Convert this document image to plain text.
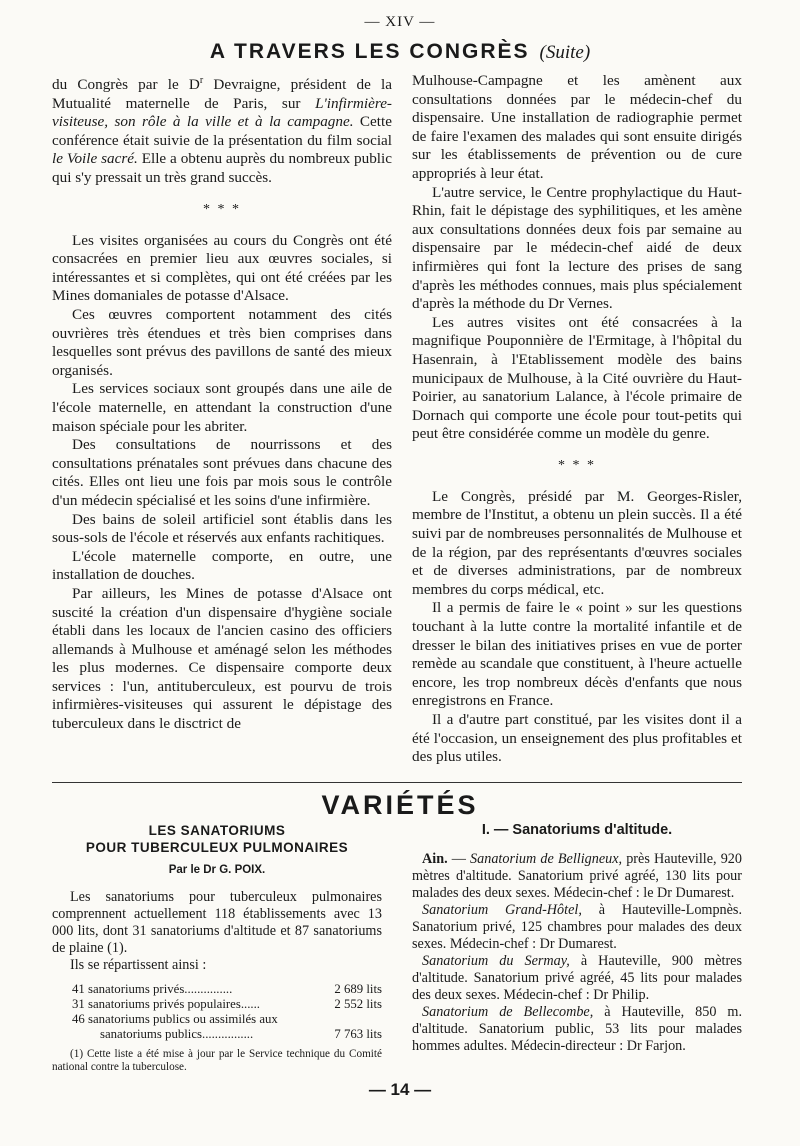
— XIV —
A TRAVERS LES CONGRÈS (Suite)

du Congrès par le $D^r$ Devraigne, président de la Mutualité maternelle de Paris, sur L'infirmière-visiteuse, son rôle à la ville et à la campagne. Cette conférence était suivie de la présentation du film social le Voile sacré. Elle a obtenu auprès du nombreux public qui s'y pressait un très grand succès.

* * *

Les visites organisées au cours du Congrès ont été consacrées en premier lieu aux œuvres sociales, si intéressantes et si complètes, qui ont été créées par les Mines domaniales de potasse d'Alsace.

Ces œuvres comportent notamment des cités ouvrières très étendues et très bien comprises dans lesquelles sont prévus des pavillons de santé des mieux organisés.

Les services sociaux sont groupés dans une aile de l'école maternelle, en attendant la construction d'une maison spéciale pour les abriter.

Des consultations de nourrissons et des consultations prénatales sont prévues dans chacune des cités. Elles ont lieu une fois par mois sous le contrôle d'un médecin spécialisé et les soins d'une infirmière.

Des bains de soleil artificiel sont établis dans les sous-sols de l'école et réservés aux enfants rachitiques.

L'école maternelle comporte, en outre, une installation de douches.

Par ailleurs, les Mines de potasse d'Alsace ont suscité la création d'un dispensaire d'hygiène sociale établi dans les locaux de l'ancien casino des officiers allemands à Mulhouse et aménagé selon les méthodes les plus modernes. Ce dispensaire comporte deux services : l'un, antituberculeux, est pourvu de trois infirmières-visiteuses qui assurent le dépistage des tuberculeux dans le disctrict de

Mulhouse-Campagne et les amènent aux consultations données par le médecin-chef du dispensaire. Une installation de radiographie permet de faire l'examen des malades qui sont ensuite dirigés sur les établissements de prévention ou de cure appropriés à leur état.

L'autre service, le Centre prophylactique du Haut-Rhin, fait le dépistage des syphilitiques, et les amène aux consultations données deux fois par semaine au dispensaire par le médecin-chef aidé de deux infirmières qui font la lecture des prises de sang d'après les méthodes connues, mais plus spécialement d'après la méthode du Dr Vernes.

Les autres visites ont été consacrées à la magnifique Pouponnière de l'Ermitage, à l'hôpital du Hasenrain, à l'Etablissement modèle des bains municipaux de Mulhouse, à la Cité ouvrière du Haut-Poirier, au sanatorium Lalance, à l'école primaire de Dornach qui comporte une école pour tout-petits qui peut être considérée comme un modèle du genre.

* * *

Le Congrès, présidé par M. Georges-Risler, membre de l'Institut, a obtenu un plein succès. Il a été suivi par de nombreuses personnalités de Mulhouse et de la région, par des représentants d'œuvres sociales et de diverses administrations, par de nombreux membres du corps médical, etc.

Il a permis de faire le « point » sur les questions touchant à la lutte contre la mortalité infantile et de dresser le bilan des initiatives prises en vue de porter remède au scandale que constituent, à l'heure actuelle encore, les trop nombreux décès d'enfants que nous enregistrons en France.

Il a d'autre part constitué, par les visites dont il a été l'occasion, un enseignement des plus profitables et des plus utiles.

VARIÉTÉS
LES SANATORIUMS
POUR TUBERCULEUX PULMONAIRES
Par le Dr G. POIX.

Les sanatoriums pour tuberculeux pulmonaires comprennent actuellement 118 établissements avec 13 000 lits, dont 31 sanatoriums d'altitude et 87 sanatoriums de plaine (1).

Ils se répartissent ainsi :

41 sanatoriums privés...............	2 689 lits
31 sanatoriums privés populaires......	2 552 lits
46 sanatoriums publics ou assimilés aux
sanatoriums publics................	7 763 lits

(1) Cette liste a été mise à jour par le Service technique du Comité national contre la tuberculose.

I. — Sanatoriums d'altitude.

Ain. — Sanatorium de Belligneux, près Hauteville, 920 mètres d'altitude. Sanatorium privé agréé, 130 lits pour malades des deux sexes. Médecin-chef : le Dr Dumarest.

Sanatorium Grand-Hôtel, à Hauteville-Lompnès. Sanatorium privé, 125 chambres pour malades des deux sexes. Médecin-chef : Dr Dumarest.

Sanatorium du Sermay, à Hauteville, 900 mètres d'altitude. Sanatorium privé agréé, 45 lits pour malades des deux sexes. Médecin-chef : Dr Philip.

Sanatorium de Bellecombe, à Hauteville, 850 m. d'altitude. Sanatorium public, 53 lits pour malades hommes adultes. Médecin-directeur : Dr Farjon.

— 14 —
